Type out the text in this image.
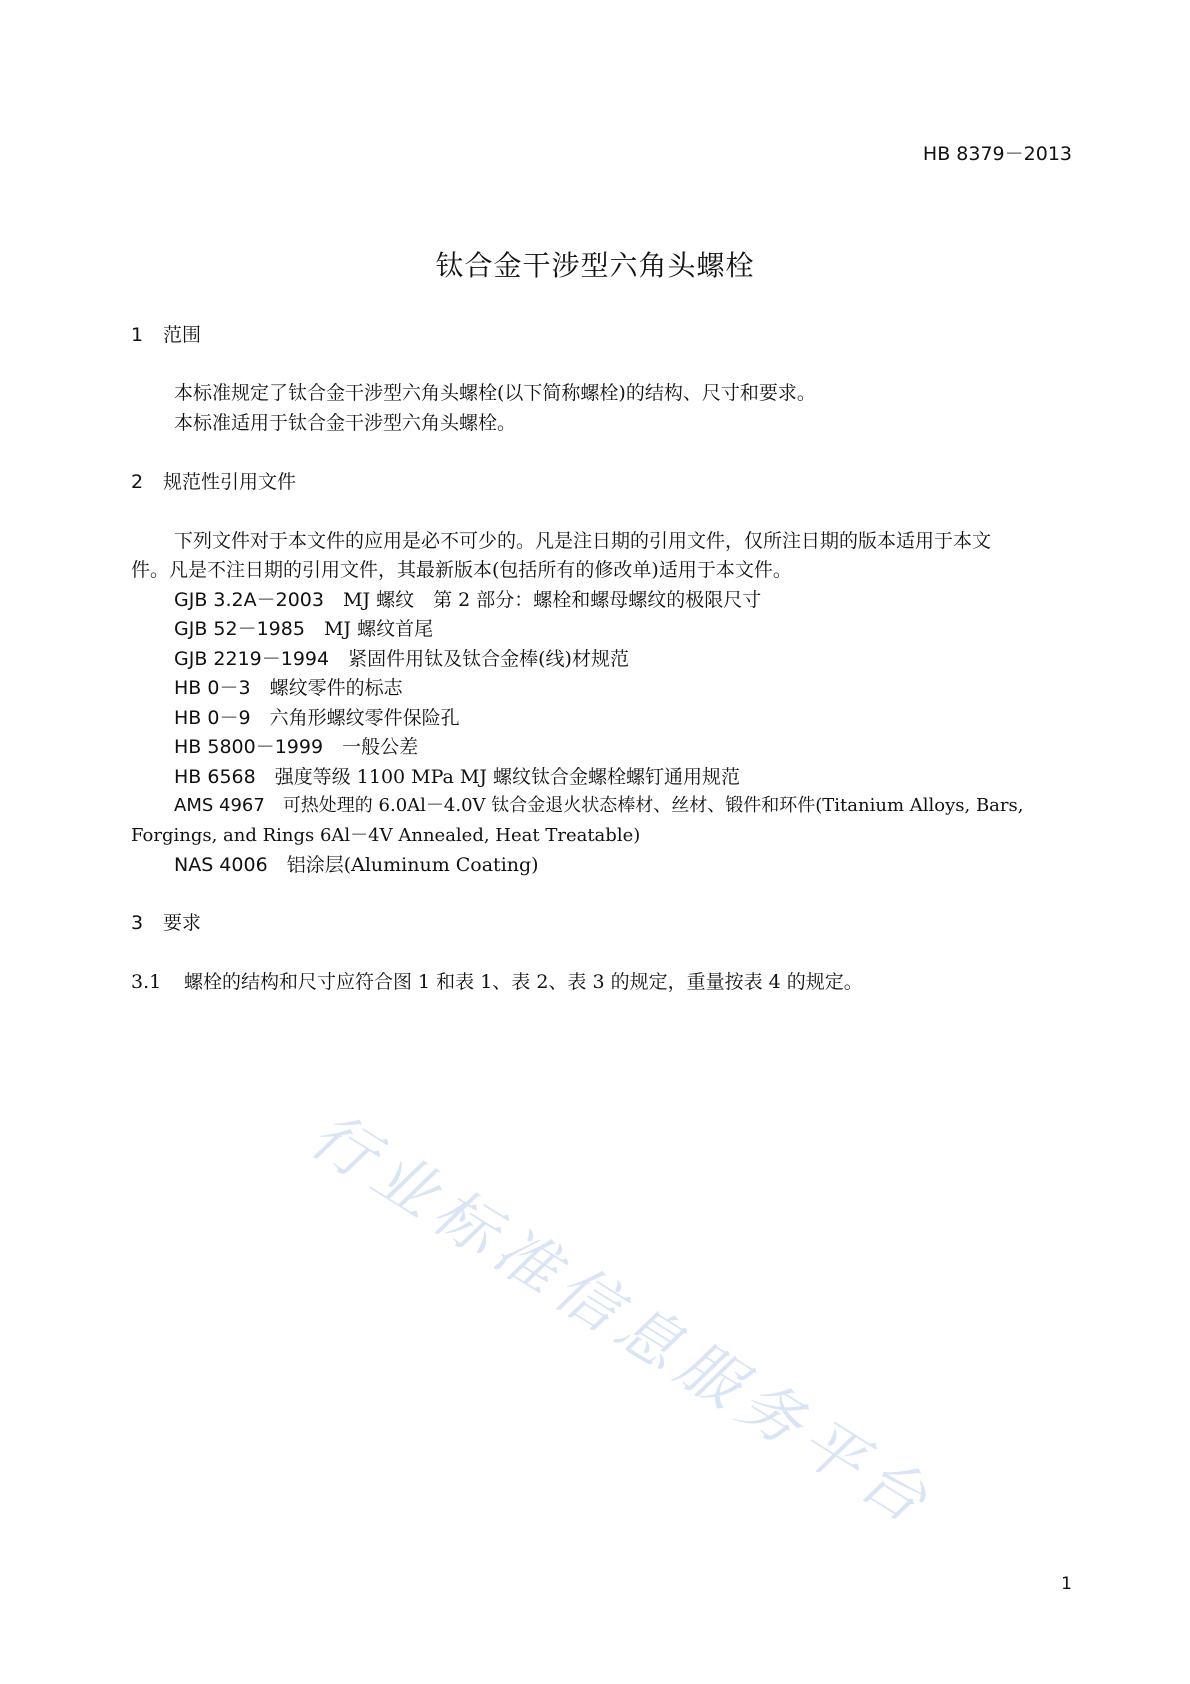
HB 8379－2013
钛合金干涉型六角头螺栓
1 范围
本标准规定了钛合金干涉型六角头螺栓(以下简称螺栓)的结构、尺寸和要求。
本标准适用于钛合金干涉型六角头螺栓。
2 规范性引用文件
下列文件对于本文件的应用是必不可少的。凡是注日期的引用文件，仅所注日期的版本适用于本文
件。凡是不注日期的引用文件，其最新版本(包括所有的修改单)适用于本文件。
GJB 3.2A－2003　 MJ 螺纹　第 2 部分：螺栓和螺母螺纹的极限尺寸
GJB 52－1985　 MJ 螺纹首尾
GJB 2219－1994　 紧固件用钛及钛合金棒(线)材规范
HB 0－3　 螺纹零件的标志
HB 0－9　 六角形螺纹零件保险孔
HB 5800－1999　 一般公差
HB 6568　 强度等级 1100 MPa MJ 螺纹钛合金螺栓螺钉通用规范
AMS 4967　 可热处理的 6.0Al－4.0V 钛合金退火状态棒材、丝材、锻件和环件(Titanium Alloys, Bars,
Forgings, and Rings 6Al－4V Annealed, Heat Treatable)
NAS 4006　 铝涂层(Aluminum Coating)
3 要求
3.1 螺栓的结构和尺寸应符合图 1 和表 1、表 2、表 3 的规定，重量按表 4 的规定。
行业标准信息服务平台
1
